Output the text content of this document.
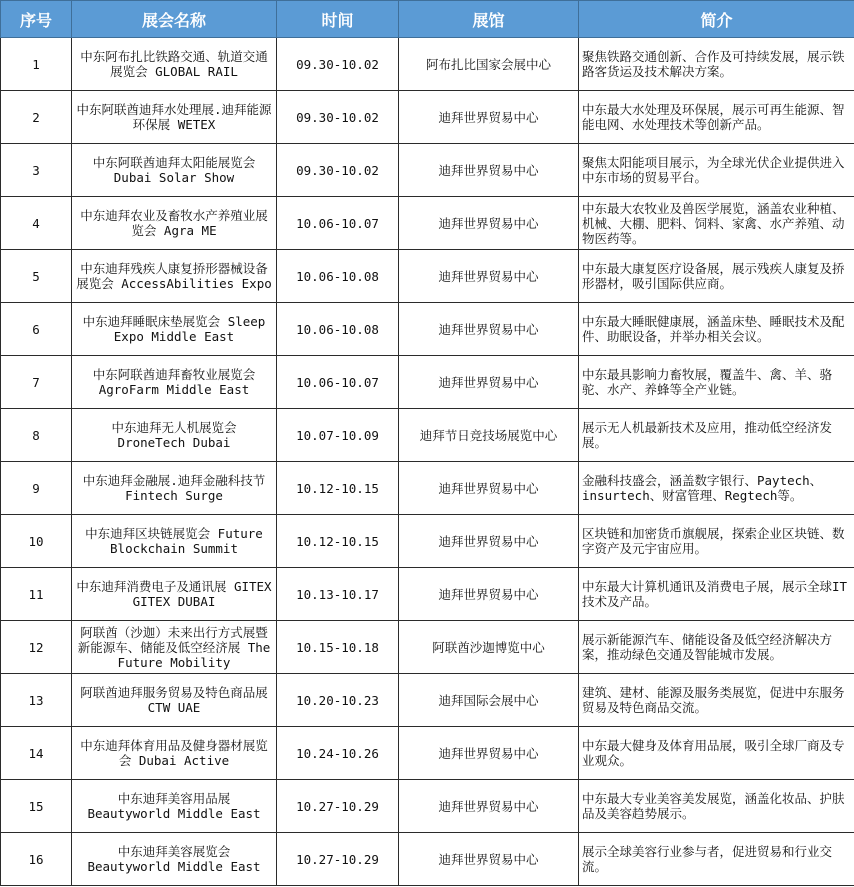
序号	展会名称	时间	展馆	简介

1	中东阿布扎比铁路交通、轨道交通展览会 GLOBAL RAIL	09.30-10.02	阿布扎比国家会展中心	聚焦铁路交通创新、合作及可持续发展，展示铁路客货运及技术解决方案。

2	中东阿联酋迪拜水处理展.迪拜能源环保展 WETEX	09.30-10.02	迪拜世界贸易中心	中东最大水处理及环保展，展示可再生能源、智能电网、水处理技术等创新产品。

3	中东阿联酋迪拜太阳能展览会 Dubai Solar Show	09.30-10.02	迪拜世界贸易中心	聚焦太阳能项目展示，为全球光伏企业提供进入中东市场的贸易平台。

4	中东迪拜农业及畜牧水产养殖业展览会 Agra ME	10.06-10.07	迪拜世界贸易中心	中东最大农牧业及兽医学展览，涵盖农业种植、机械、大棚、肥料、饲料、家禽、水产养殖、动物医药等。

5	中东迪拜残疾人康复挢形器械设备展览会 AccessAbilities Expo	10.06-10.08	迪拜世界贸易中心	中东最大康复医疗设备展，展示残疾人康复及挢形器材，吸引国际供应商。

6	中东迪拜睡眠床垫展览会 Sleep Expo Middle East	10.06-10.08	迪拜世界贸易中心	中东最大睡眠健康展，涵盖床垫、睡眠技术及配件、助眠设备，并举办相关会议。

7	中东阿联酋迪拜畜牧业展览会 AgroFarm Middle East	10.06-10.07	迪拜世界贸易中心	中东最具影响力畜牧展，覆盖牛、禽、羊、骆驼、水产、养蜂等全产业链。

8	中东迪拜无人机展览会 DroneTech Dubai	10.07-10.09	迪拜节日竞技场展览中心	展示无人机最新技术及应用，推动低空经济发展。

9	中东迪拜金融展.迪拜金融科技节 Fintech Surge	10.12-10.15	迪拜世界贸易中心	金融科技盛会，涵盖数字银行、Paytech、insurtech、财富管理、Regtech等。

10	中东迪拜区块链展览会 Future Blockchain Summit	10.12-10.15	迪拜世界贸易中心	区块链和加密货币旗舰展，探索企业区块链、数字资产及元宇宙应用。

11	中东迪拜消费电子及通讯展 GITEX GITEX DUBAI	10.13-10.17	迪拜世界贸易中心	中东最大计算机通讯及消费电子展，展示全球IT技术及产品。

12	阿联酋（沙迦）未来出行方式展暨新能源车、储能及低空经济展 The Future Mobility	10.15-10.18	阿联酋沙迦博览中心	展示新能源汽车、储能设备及低空经济解决方案，推动绿色交通及智能城市发展。

13	阿联酋迪拜服务贸易及特色商品展 CTW UAE	10.20-10.23	迪拜国际会展中心	建筑、建材、能源及服务类展览，促进中东服务贸易及特色商品交流。

14	中东迪拜体育用品及健身器材展览会 Dubai Active	10.24-10.26	迪拜世界贸易中心	中东最大健身及体育用品展，吸引全球厂商及专业观众。

15	中东迪拜美容用品展 Beautyworld Middle East	10.27-10.29	迪拜世界贸易中心	中东最大专业美容美发展览，涵盖化妆品、护肤品及美容趋势展示。

16	中东迪拜美容展览会 Beautyworld Middle East	10.27-10.29	迪拜世界贸易中心	展示全球美容行业参与者，促进贸易和行业交流。
